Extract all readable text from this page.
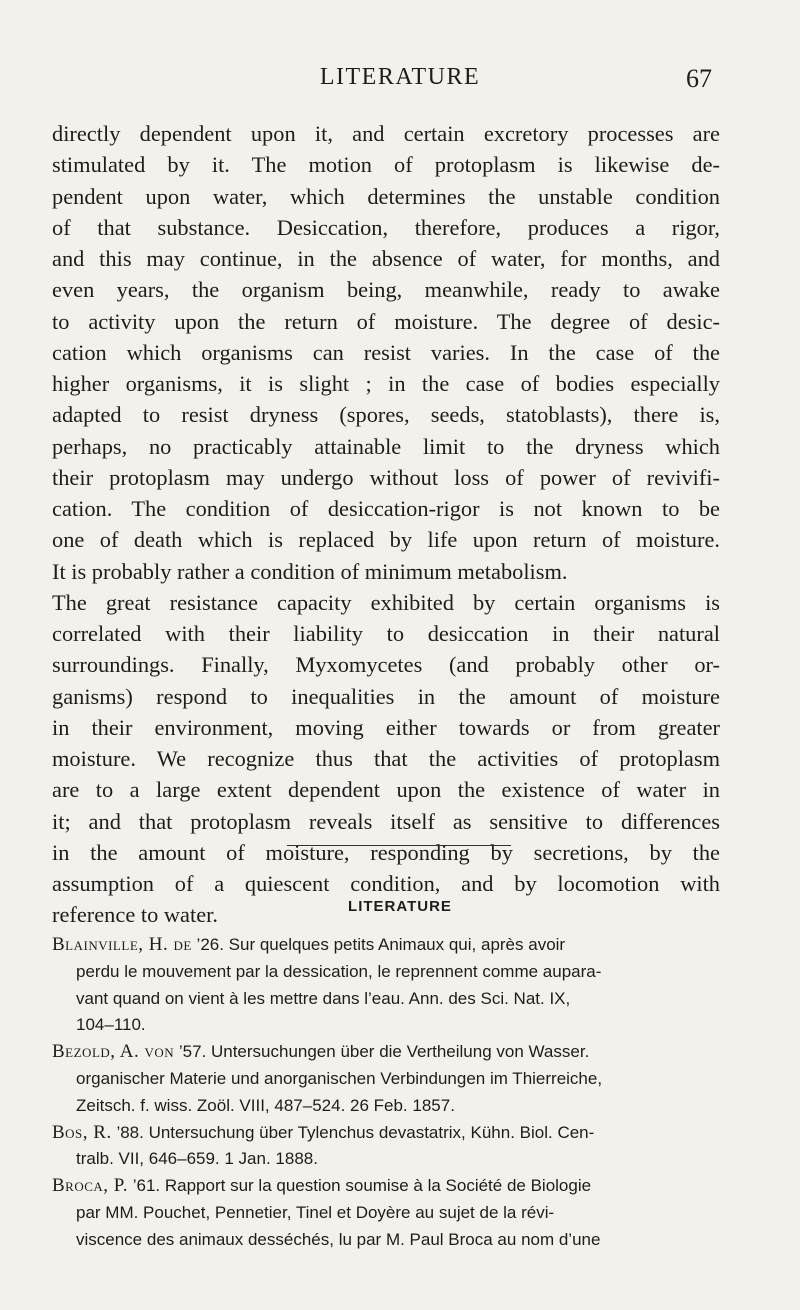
LITERATURE	67
directly dependent upon it, and certain excretory processes are
stimulated by it. The motion of protoplasm is likewise de-
pendent upon water, which determines the unstable condition
of that substance. Desiccation, therefore, produces a rigor,
and this may continue, in the absence of water, for months, and
even years, the organism being, meanwhile, ready to awake
to activity upon the return of moisture. The degree of desic-
cation which organisms can resist varies. In the case of the
higher organisms, it is slight ; in the case of bodies especially
adapted to resist dryness (spores, seeds, statoblasts), there is,
perhaps, no practicably attainable limit to the dryness which
their protoplasm may undergo without loss of power of revivifi-
cation. The condition of desiccation-rigor is not known to be
one of death which is replaced by life upon return of moisture.
It is probably rather a condition of minimum metabolism.
The great resistance capacity exhibited by certain organisms is
correlated with their liability to desiccation in their natural
surroundings. Finally, Myxomycetes (and probably other or-
ganisms) respond to inequalities in the amount of moisture
in their environment, moving either towards or from greater
moisture. We recognize thus that the activities of protoplasm
are to a large extent dependent upon the existence of water in
it; and that protoplasm reveals itself as sensitive to differences
in the amount of moisture, responding by secretions, by the
assumption of a quiescent condition, and by locomotion with
reference to water.	LITERATURE
Blainville, H. de ’26. Sur quelques petits Animaux qui, après avoir
perdu le mouvement par la dessication, le reprennent comme aupara-
vant quand on vient à les mettre dans l’eau. Ann. des Sci. Nat. IX,
104–110.
Bezold, A. von ’57. Untersuchungen über die Vertheilung von Wasser.
organischer Materie und anorganischen Verbindungen im Thierreiche,
Zeitsch. f. wiss. Zoöl. VIII, 487–524. 26 Feb. 1857.
Bos, R. ’88. Untersuchung über Tylenchus devastatrix, Kühn. Biol. Cen-
tralb. VII, 646–659. 1 Jan. 1888.
Broca, P. ’61. Rapport sur la question soumise à la Société de Biologie
par MM. Pouchet, Pennetier, Tinel et Doyère au sujet de la révi-
viscence des animaux desséchés, lu par M. Paul Broca au nom d’une
